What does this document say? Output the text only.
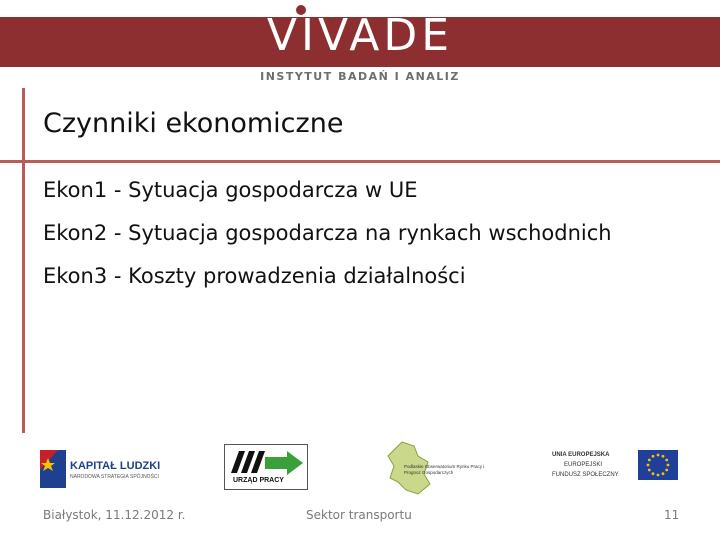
VIVADE
INSTYTUT BADAŃ I ANALIZ
Czynniki ekonomiczne
Ekon1 - Sytuacja gospodarcza w UE
Ekon2 - Sytuacja gospodarcza na rynkach wschodnich
Ekon3 - Koszty prowadzenia działalności
KAPITAŁ LUDZKI
NARODOWA STRATEGIA SPÓJNOŚCI	URZĄD PRACY
Podlaskie Obserwatorium Rynku Pracy i Prognoz Gospodarczych
UNIA EUROPEJSKA
EUROPEJSKI
FUNDUSZ SPOŁECZNY
Białystok, 11.12.2012 r.	Sektor transportu	11
